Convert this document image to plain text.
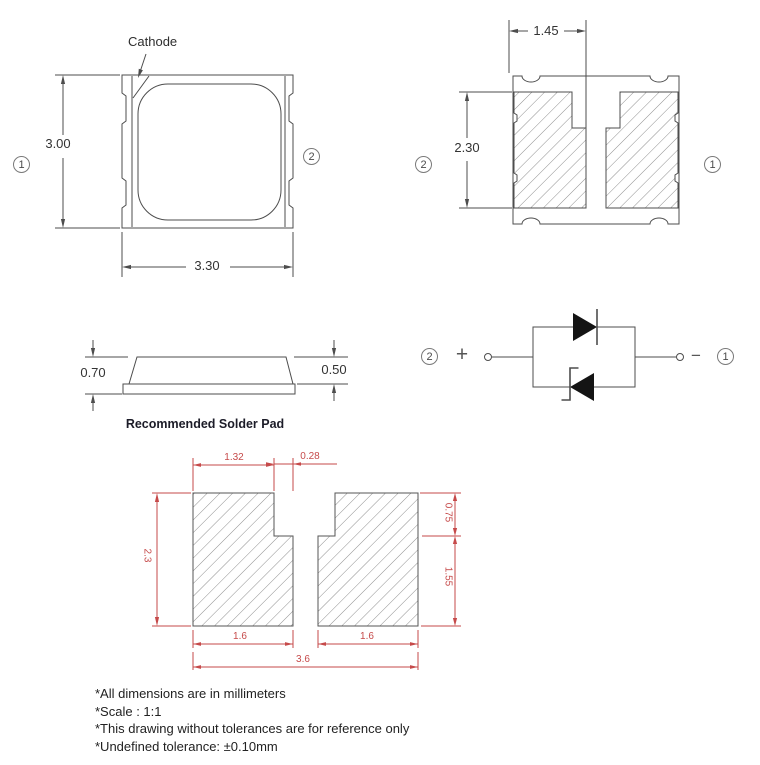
Cathode
3.00
3.30
1
2
1.45
2.30
2	1
0.70	0.50
Recommended Solder Pad
2 +	−	1
1.32	0.28
2.3
0.75
1.55
1.6	1.6
3.6
*All dimensions are in millimeters
*Scale : 1:1
*This drawing without tolerances are for reference only
*Undefined tolerance: ±0.10mm
